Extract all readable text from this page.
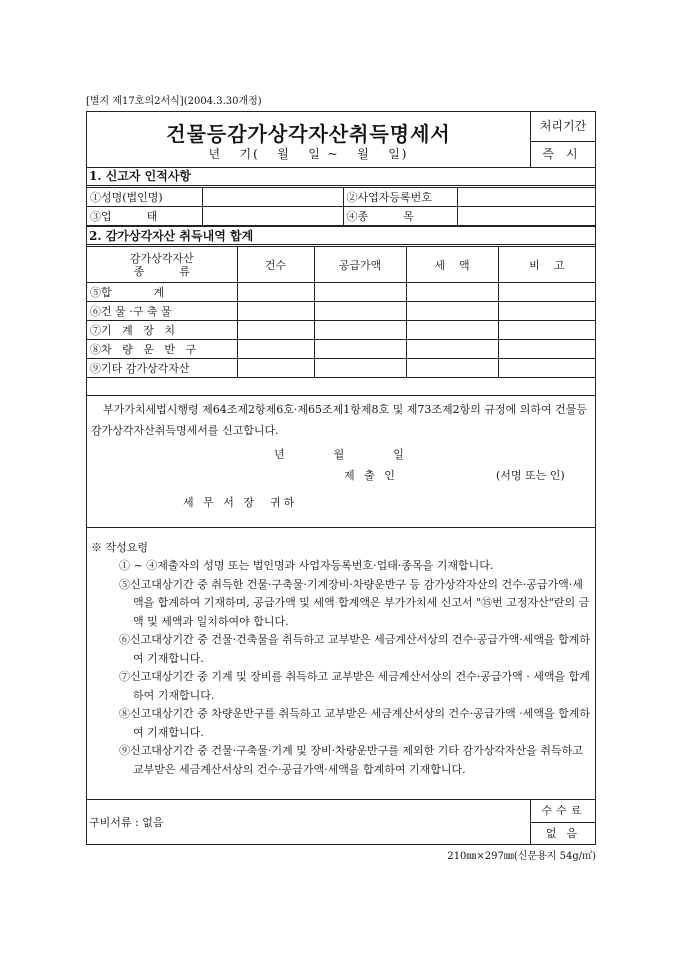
[별지 제17호의2서식](2004.3.30개정)
건물등감가상각자산취득명세서
년   기(   월   일 ~   월   일)
처리기간
즉시
1. 신고자 인적사항
①성명(법인명)		②사업자등록번호	
③업          태		④종          목	
2. 감가상각자산 취득내역 합계
감가상각자산
종          류	건수	공급가액	세    액	비    고
⑤합            계				
⑥건 물 ·구 축 물				
⑦기   계   장   치				
⑧차   량   운   반   구				
⑨기타 감가상각자산				
부가가치세법시행령 제64조제2항제6호·제65조제1항제8호 및 제73조제2항의 규정에 의하여 건물등감가상각자산취득명세서를 신고합니다.
년      월      일
제 출 인	(서명 또는 인)
세 무 서 장  귀하
※ 작성요령
① ~ ④제출자의 성명 또는 법인명과 사업자등록번호·업태·종목을 기재합니다.
⑤신고대상기간 중 취득한 건물·구축물·기계장비·차량운반구 등 감가상각자산의 건수·공급가액·세액을 합계하여 기재하며, 공급가액 및 세액 합계액은 부가가치세 신고서 "⑮번 고정자산"란의 금액 및 세액과 일치하여야 합니다.
⑥신고대상기간 중 건물·건축물을 취득하고 교부받은 세금계산서상의 건수·공급가액·세액을 합계하여 기재합니다.
⑦신고대상기간 중 기계 및 장비를 취득하고 교부받은 세금계산서상의 건수·공급가액 · 세액을 합계하여 기재합니다.
⑧신고대상기간 중 차량운반구를 취득하고 교부받은 세금계산서상의 건수·공급가액 ·세액을 합계하여 기재합니다.
⑨신고대상기간 중 건물·구축물·기계 및 장비·차량운반구를 제외한 기타 감가상각자산을 취득하고 교부받은 세금계산서상의 건수·공급가액·세액을 합계하여 기재합니다.
구비서류 : 없음
수수료
없음
210㎜×297㎜(신문용지 54g/㎡)
